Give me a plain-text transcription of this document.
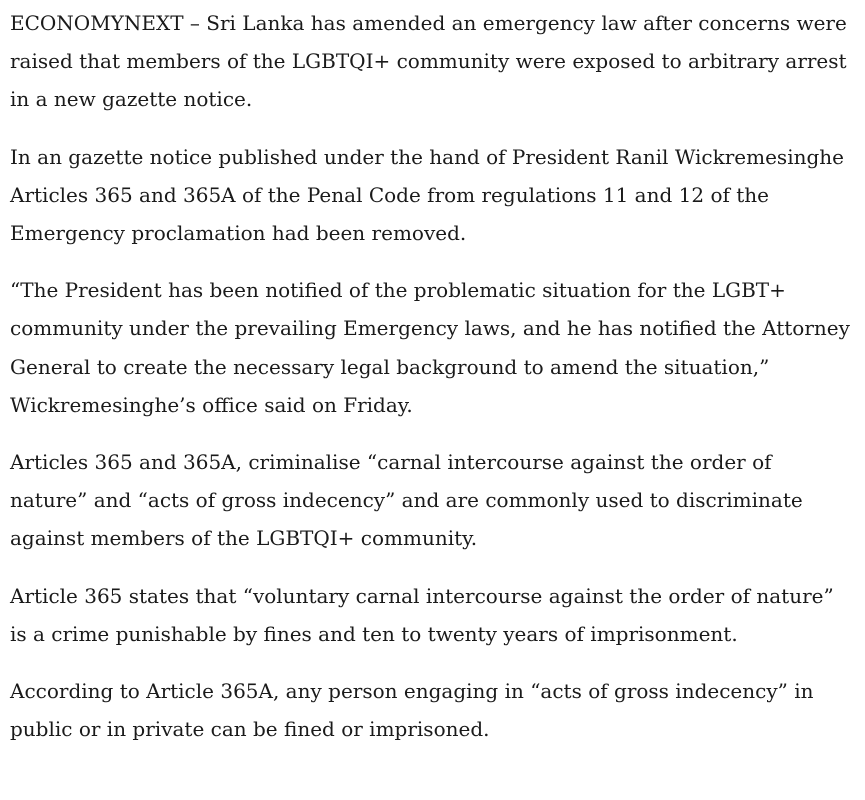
ECONOMYNEXT – Sri Lanka has amended an emergency law after concerns were raised that members of the LGBTQI+ community were exposed to arbitrary arrest in a new gazette notice.

In an gazette notice published under the hand of President Ranil Wickremesinghe Articles 365 and 365A of the Penal Code from regulations 11 and 12 of the Emergency proclamation had been removed.

“The President has been notified of the problematic situation for the LGBT+ community under the prevailing Emergency laws, and he has notified the Attorney General to create the necessary legal background to amend the situation,” Wickremesinghe’s office said on Friday.

Articles 365 and 365A, criminalise “carnal intercourse against the order of nature” and “acts of gross indecency” and are commonly used to discriminate against members of the LGBTQI+ community.

Article 365 states that “voluntary carnal intercourse against the order of nature” is a crime punishable by fines and ten to twenty years of imprisonment.

According to Article 365A, any person engaging in “acts of gross indecency” in public or in private can be fined or imprisoned.
